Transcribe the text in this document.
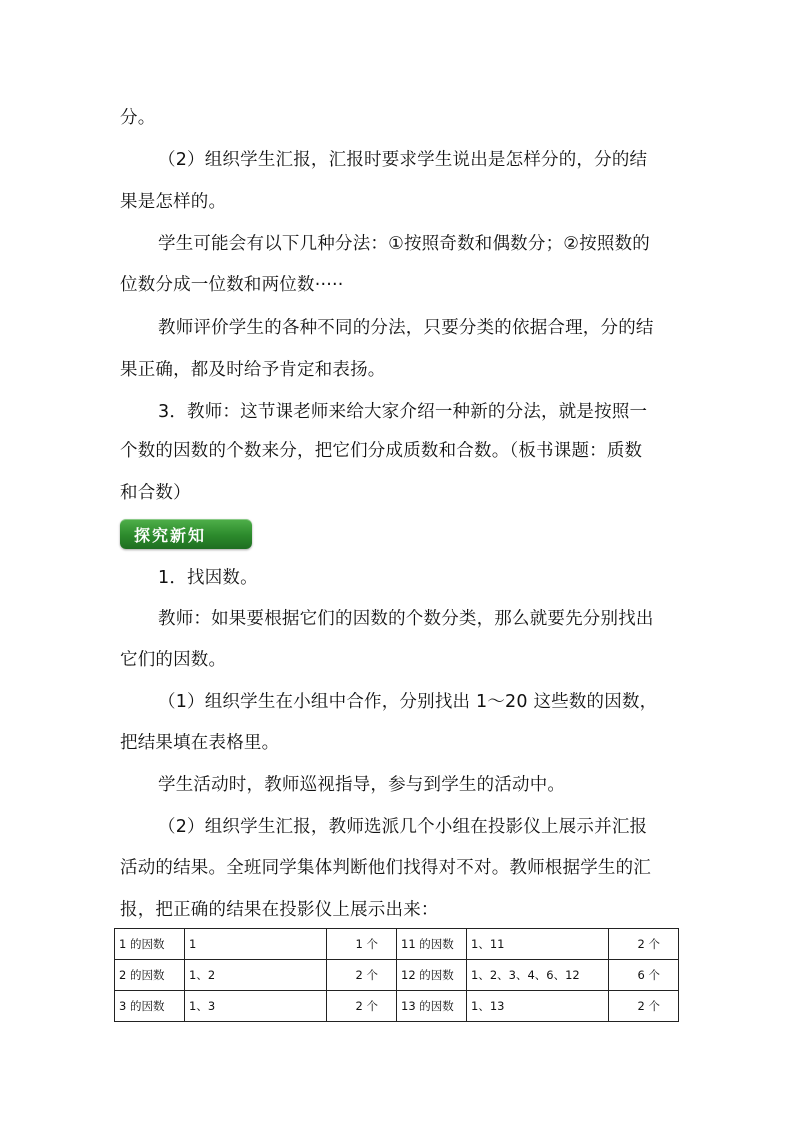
分。
（2）组织学生汇报，汇报时要求学生说出是怎样分的，分的结
果是怎样的。
学生可能会有以下几种分法：①按照奇数和偶数分；②按照数的
位数分成一位数和两位数·····
教师评价学生的各种不同的分法，只要分类的依据合理，分的结
果正确，都及时给予肯定和表扬。
3．教师：这节课老师来给大家介绍一种新的分法，就是按照一
个数的因数的个数来分，把它们分成质数和合数。（板书课题：质数
和合数）
探究新知
1．找因数。
教师：如果要根据它们的因数的个数分类，那么就要先分别找出
它们的因数。
（1）组织学生在小组中合作，分别找出 1～20 这些数的因数，
把结果填在表格里。
学生活动时，教师巡视指导，参与到学生的活动中。
（2）组织学生汇报，教师选派几个小组在投影仪上展示并汇报
活动的结果。全班同学集体判断他们找得对不对。教师根据学生的汇
报，把正确的结果在投影仪上展示出来：
1 的因数	1	1 个	11 的因数	1、11	2 个
2 的因数	1、2	2 个	12 的因数	1、2、3、4、6、12	6 个
3 的因数	1、3	2 个	13 的因数	1、13	2 个
